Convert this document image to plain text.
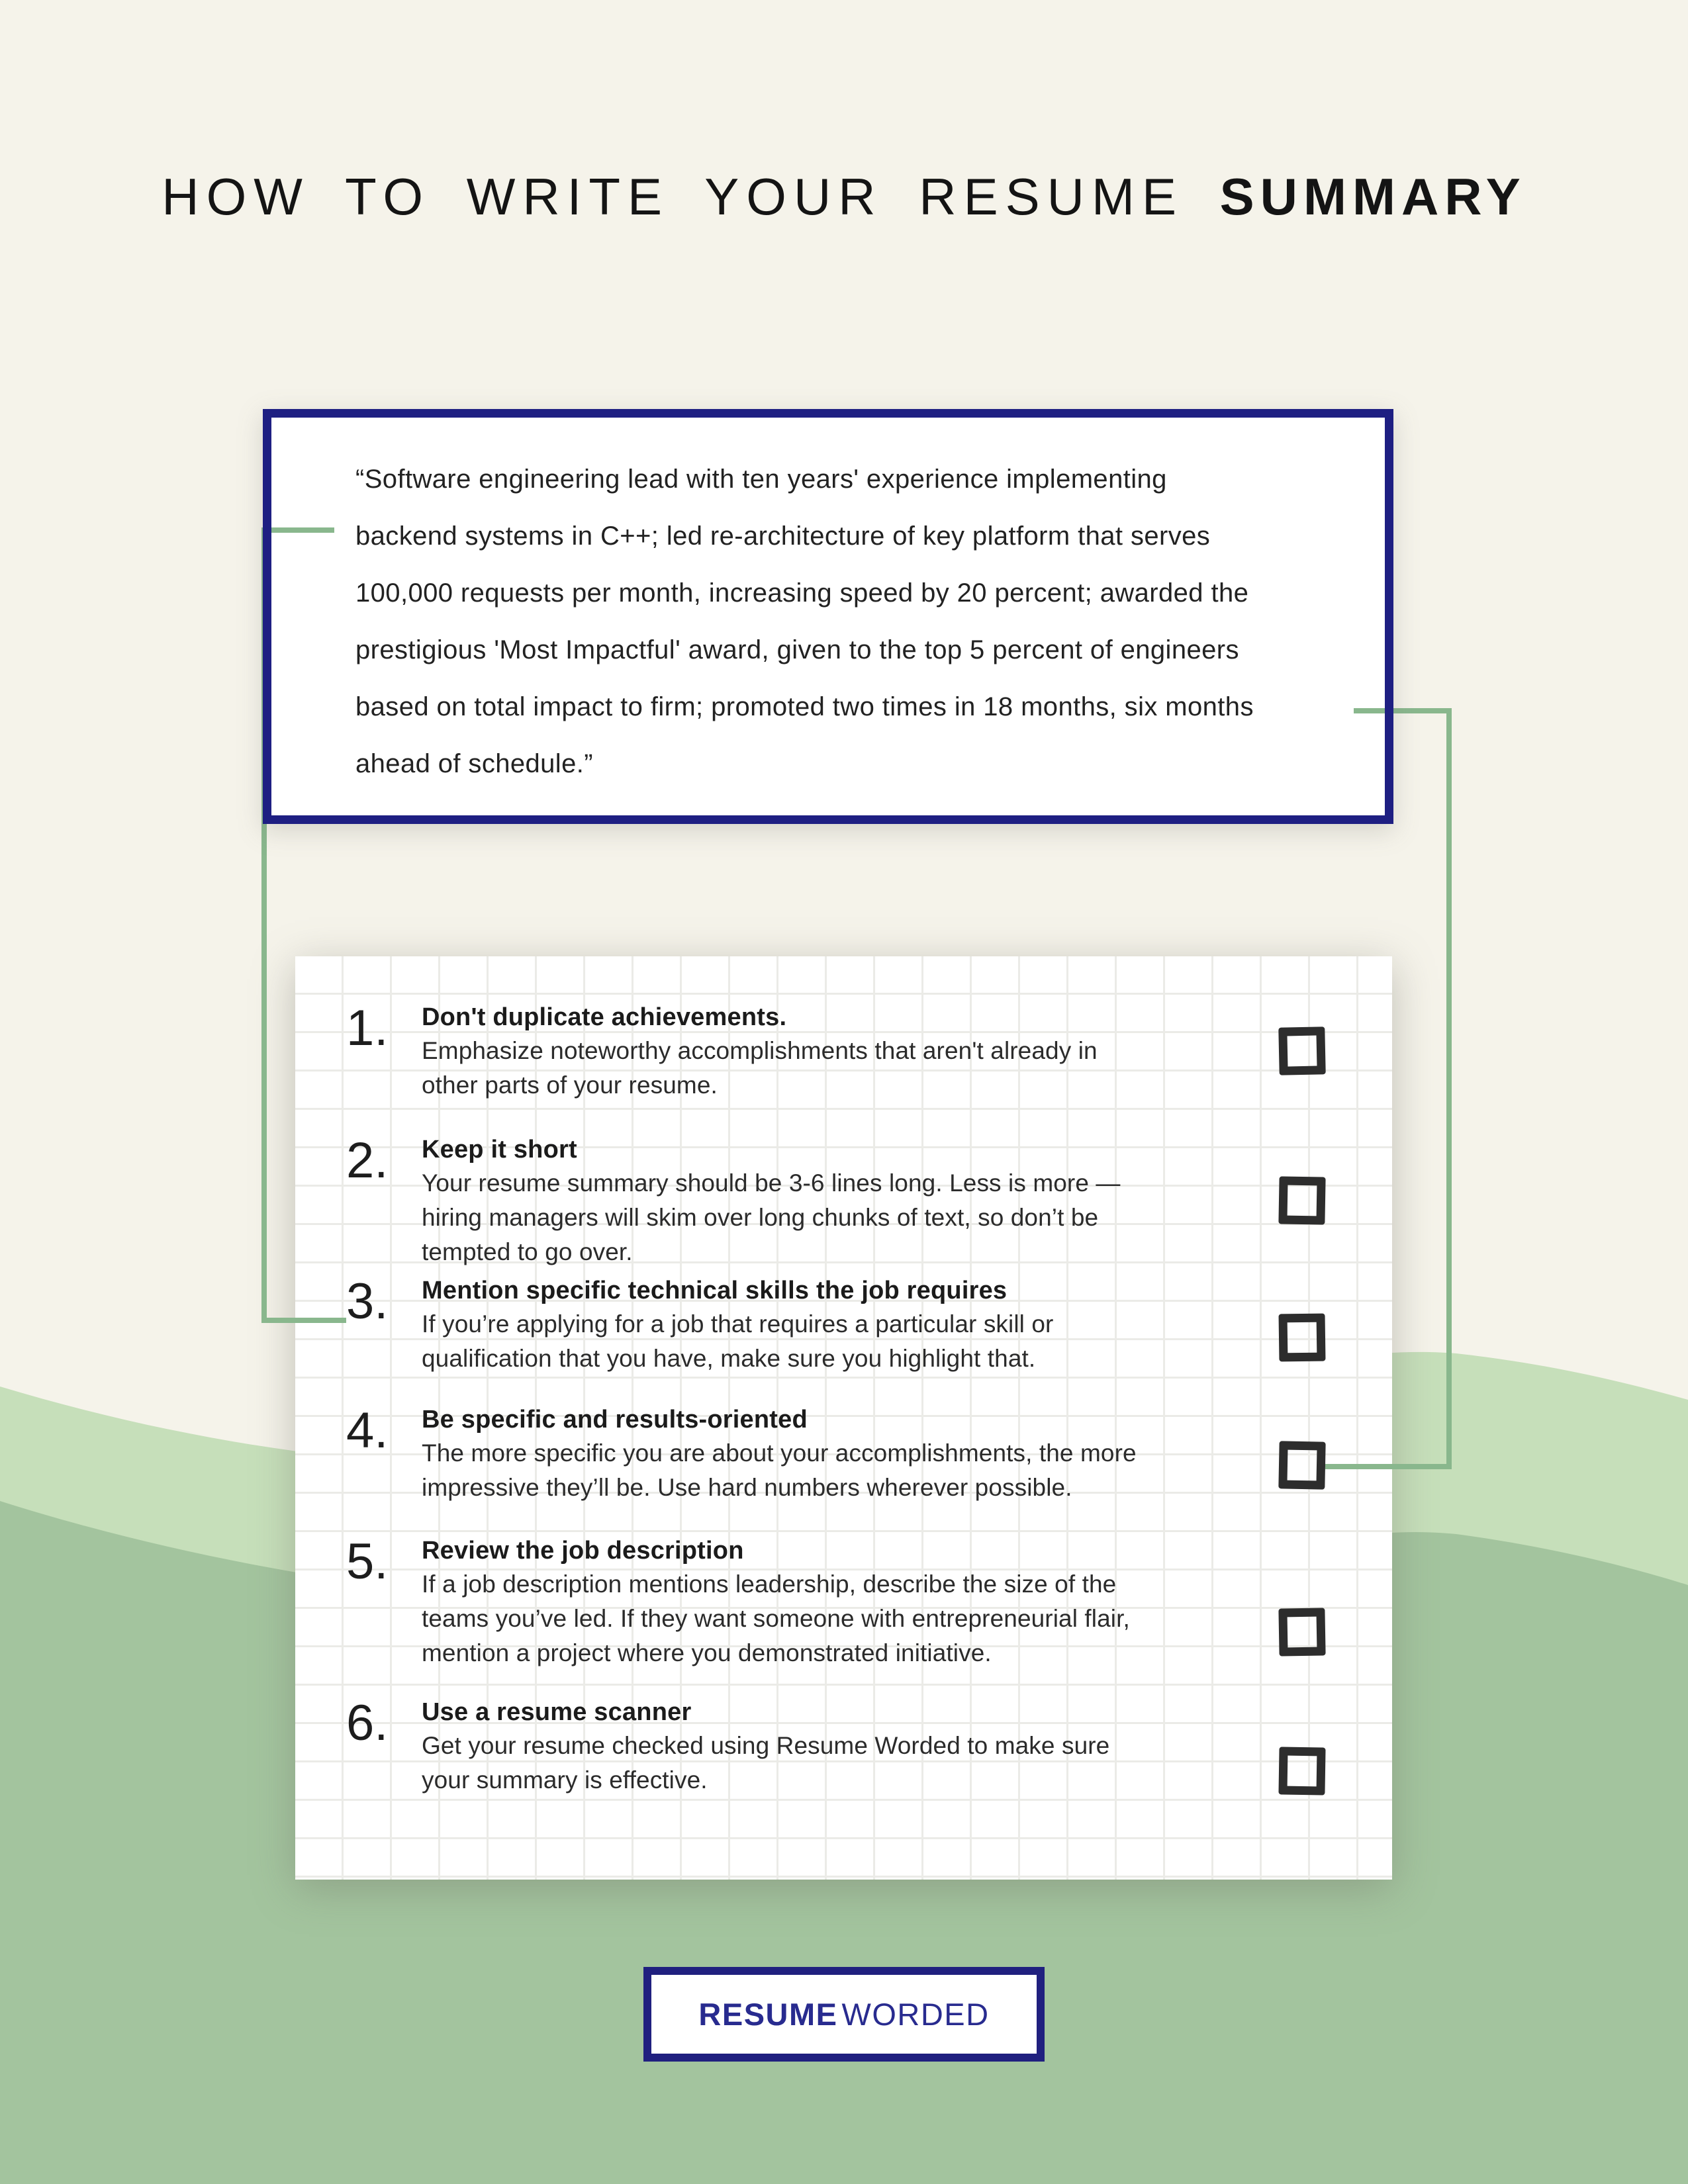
HOW TO WRITE YOUR RESUME SUMMARY
1. Don't duplicate achievements.
Emphasize noteworthy accomplishments that aren't already in
other parts of your resume.
2. Keep it short
Your resume summary should be 3-6 lines long. Less is more —
hiring managers will skim over long chunks of text, so don’t be
tempted to go over.
3. Mention specific technical skills the job requires
If you’re applying for a job that requires a particular skill or
qualification that you have, make sure you highlight that.
4. Be specific and results-oriented
The more specific you are about your accomplishments, the more
impressive they’ll be. Use hard numbers wherever possible.
5. Review the job description
If a job description mentions leadership, describe the size of the
teams you’ve led. If they want someone with entrepreneurial flair,
mention a project where you demonstrated initiative.
6. Use a resume scanner
Get your resume checked using Resume Worded to make sure
your summary is effective.
“Software engineering lead with ten years' experience implementing
backend systems in C++; led re-architecture of key platform that serves
100,000 requests per month, increasing speed by 20 percent; awarded the
prestigious 'Most Impactful' award, given to the top 5 percent of engineers
based on total impact to firm; promoted two times in 18 months, six months
ahead of schedule.”
RESUME WORDED
